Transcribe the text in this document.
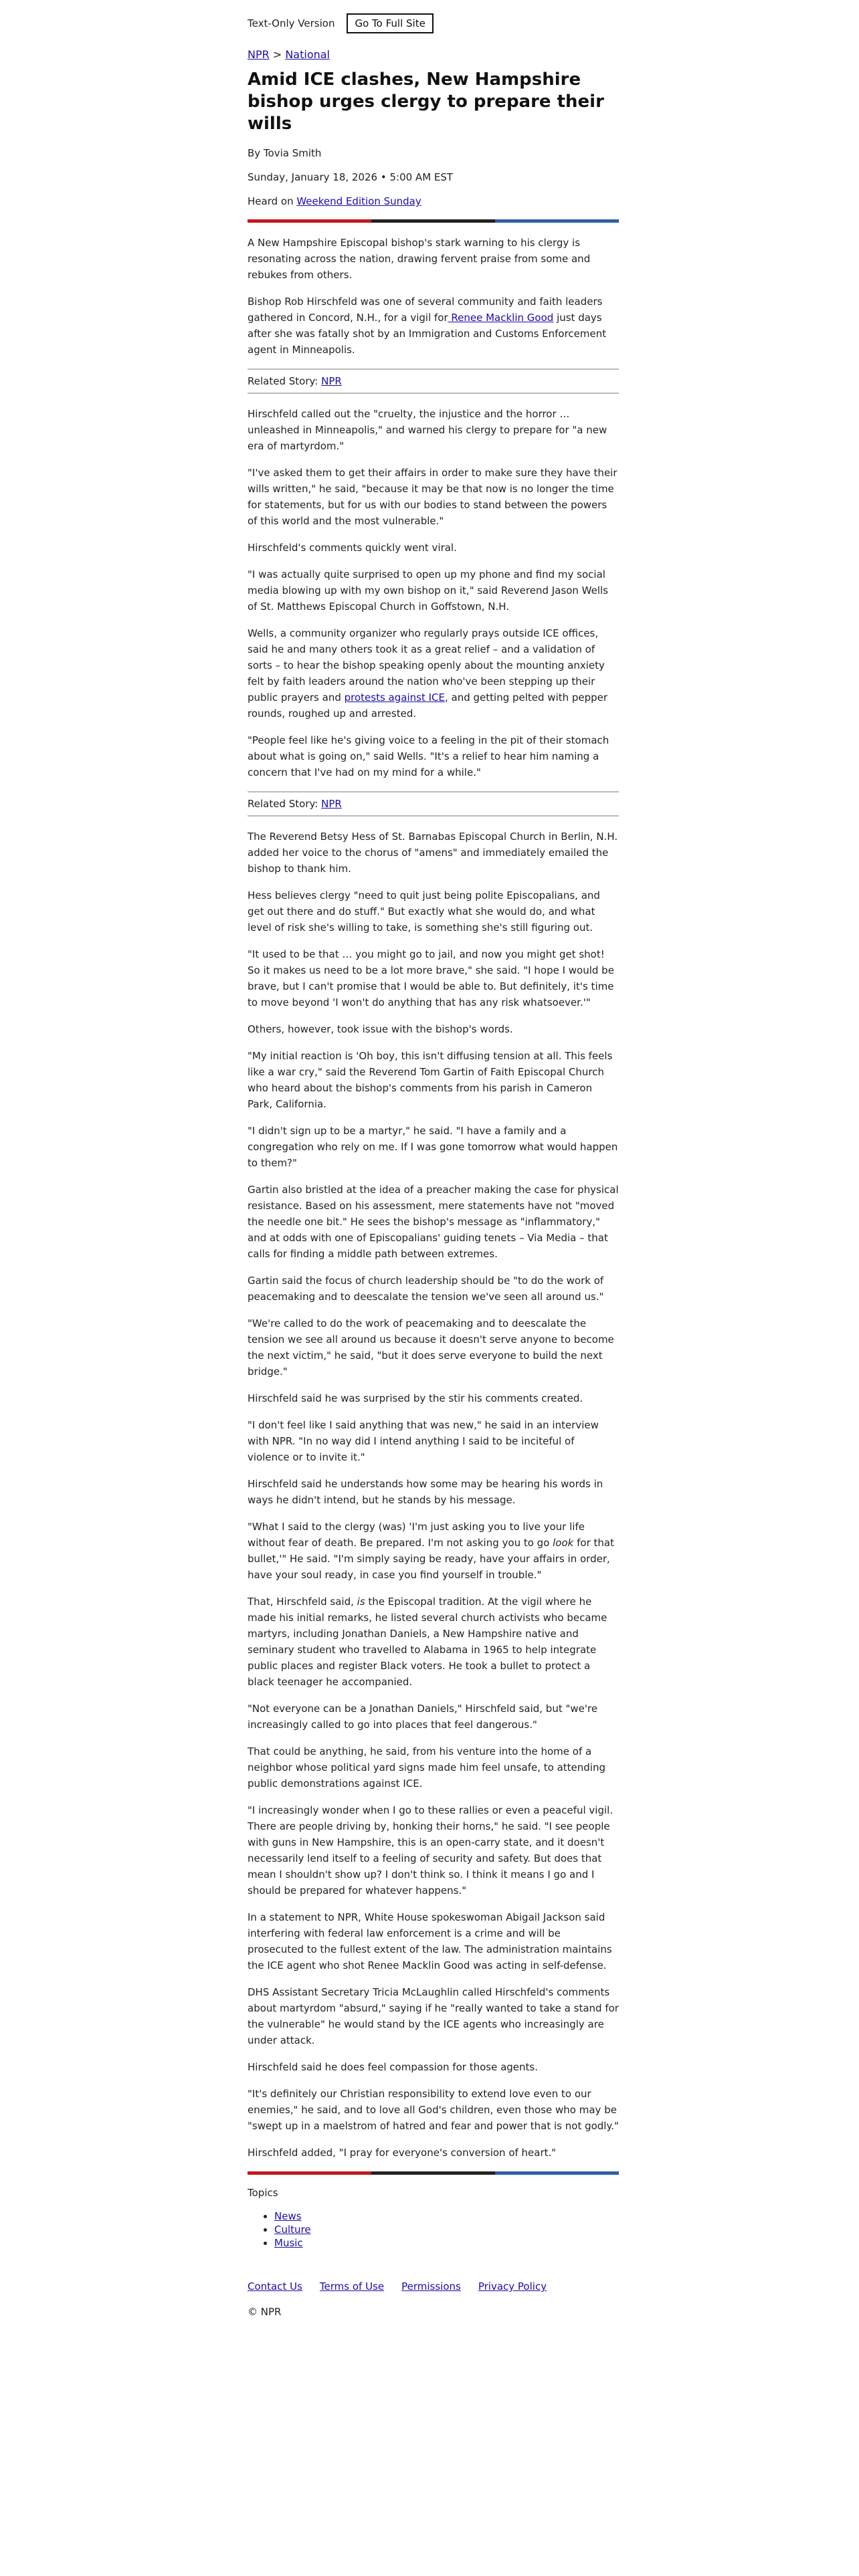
Text-Only Version	Go To Full Site
NPR > National
Amid ICE clashes, New Hampshire bishop urges clergy to prepare their wills
By Tovia Smith
Sunday, January 18, 2026 • 5:00 AM EST
Heard on Weekend Edition Sunday

A New Hampshire Episcopal bishop's stark warning to his clergy is resonating across the nation, drawing fervent praise from some and rebukes from others.

Bishop Rob Hirschfeld was one of several community and faith leaders gathered in Concord, N.H., for a vigil for Renee Macklin Good just days after she was fatally shot by an Immigration and Customs Enforcement agent in Minneapolis.

Related Story: NPR

Hirschfeld called out the "cruelty, the injustice and the horror … unleashed in Minneapolis," and warned his clergy to prepare for "a new era of martyrdom."

"I've asked them to get their affairs in order to make sure they have their wills written," he said, "because it may be that now is no longer the time for statements, but for us with our bodies to stand between the powers of this world and the most vulnerable."

Hirschfeld's comments quickly went viral.

"I was actually quite surprised to open up my phone and find my social media blowing up with my own bishop on it," said Reverend Jason Wells of St. Matthews Episcopal Church in Goffstown, N.H.

Wells, a community organizer who regularly prays outside ICE offices, said he and many others took it as a great relief – and a validation of sorts – to hear the bishop speaking openly about the mounting anxiety felt by faith leaders around the nation who've been stepping up their public prayers and protests against ICE, and getting pelted with pepper rounds, roughed up and arrested.

"People feel like he's giving voice to a feeling in the pit of their stomach about what is going on," said Wells. "It's a relief to hear him naming a concern that I've had on my mind for a while."

Related Story: NPR

The Reverend Betsy Hess of St. Barnabas Episcopal Church in Berlin, N.H. added her voice to the chorus of "amens" and immediately emailed the bishop to thank him.

Hess believes clergy "need to quit just being polite Episcopalians, and get out there and do stuff." But exactly what she would do, and what level of risk she's willing to take, is something she's still figuring out.

"It used to be that … you might go to jail, and now you might get shot! So it makes us need to be a lot more brave," she said. "I hope I would be brave, but I can't promise that I would be able to. But definitely, it's time to move beyond 'I won't do anything that has any risk whatsoever.'"

Others, however, took issue with the bishop's words.

"My initial reaction is 'Oh boy, this isn't diffusing tension at all. This feels like a war cry," said the Reverend Tom Gartin of Faith Episcopal Church who heard about the bishop's comments from his parish in Cameron Park, California.

"I didn't sign up to be a martyr," he said. "I have a family and a congregation who rely on me. If I was gone tomorrow what would happen to them?"

Gartin also bristled at the idea of a preacher making the case for physical resistance. Based on his assessment, mere statements have not "moved the needle one bit." He sees the bishop's message as "inflammatory," and at odds with one of Episcopalians' guiding tenets – Via Media – that calls for finding a middle path between extremes.

Gartin said the focus of church leadership should be "to do the work of peacemaking and to deescalate the tension we've seen all around us."

"We're called to do the work of peacemaking and to deescalate the tension we see all around us because it doesn't serve anyone to become the next victim," he said, "but it does serve everyone to build the next bridge."

Hirschfeld said he was surprised by the stir his comments created.

"I don't feel like I said anything that was new," he said in an interview with NPR. "In no way did I intend anything I said to be inciteful of violence or to invite it."

Hirschfeld said he understands how some may be hearing his words in ways he didn't intend, but he stands by his message.

"What I said to the clergy (was) 'I'm just asking you to live your life without fear of death. Be prepared. I'm not asking you to go look for that bullet,'" He said. "I'm simply saying be ready, have your affairs in order, have your soul ready, in case you find yourself in trouble."

That, Hirschfeld said, is the Episcopal tradition. At the vigil where he made his initial remarks, he listed several church activists who became martyrs, including Jonathan Daniels, a New Hampshire native and seminary student who travelled to Alabama in 1965 to help integrate public places and register Black voters. He took a bullet to protect a black teenager he accompanied.

"Not everyone can be a Jonathan Daniels," Hirschfeld said, but "we're increasingly called to go into places that feel dangerous."

That could be anything, he said, from his venture into the home of a neighbor whose political yard signs made him feel unsafe, to attending public demonstrations against ICE.

"I increasingly wonder when I go to these rallies or even a peaceful vigil. There are people driving by, honking their horns," he said. "I see people with guns in New Hampshire, this is an open-carry state, and it doesn't necessarily lend itself to a feeling of security and safety. But does that mean I shouldn't show up? I don't think so. I think it means I go and I should be prepared for whatever happens."

In a statement to NPR, White House spokeswoman Abigail Jackson said interfering with federal law enforcement is a crime and will be prosecuted to the fullest extent of the law. The administration maintains the ICE agent who shot Renee Macklin Good was acting in self-defense.

DHS Assistant Secretary Tricia McLaughlin called Hirschfeld's comments about martyrdom "absurd," saying if he "really wanted to take a stand for the vulnerable" he would stand by the ICE agents who increasingly are under attack.

Hirschfeld said he does feel compassion for those agents.

"It's definitely our Christian responsibility to extend love even to our enemies," he said, and to love all God's children, even those who may be "swept up in a maelstrom of hatred and fear and power that is not godly."

Hirschfeld added, "I pray for everyone's conversion of heart."

Topics
• News
• Culture
• Music
Contact Us Terms of Use Permissions Privacy Policy
© NPR
